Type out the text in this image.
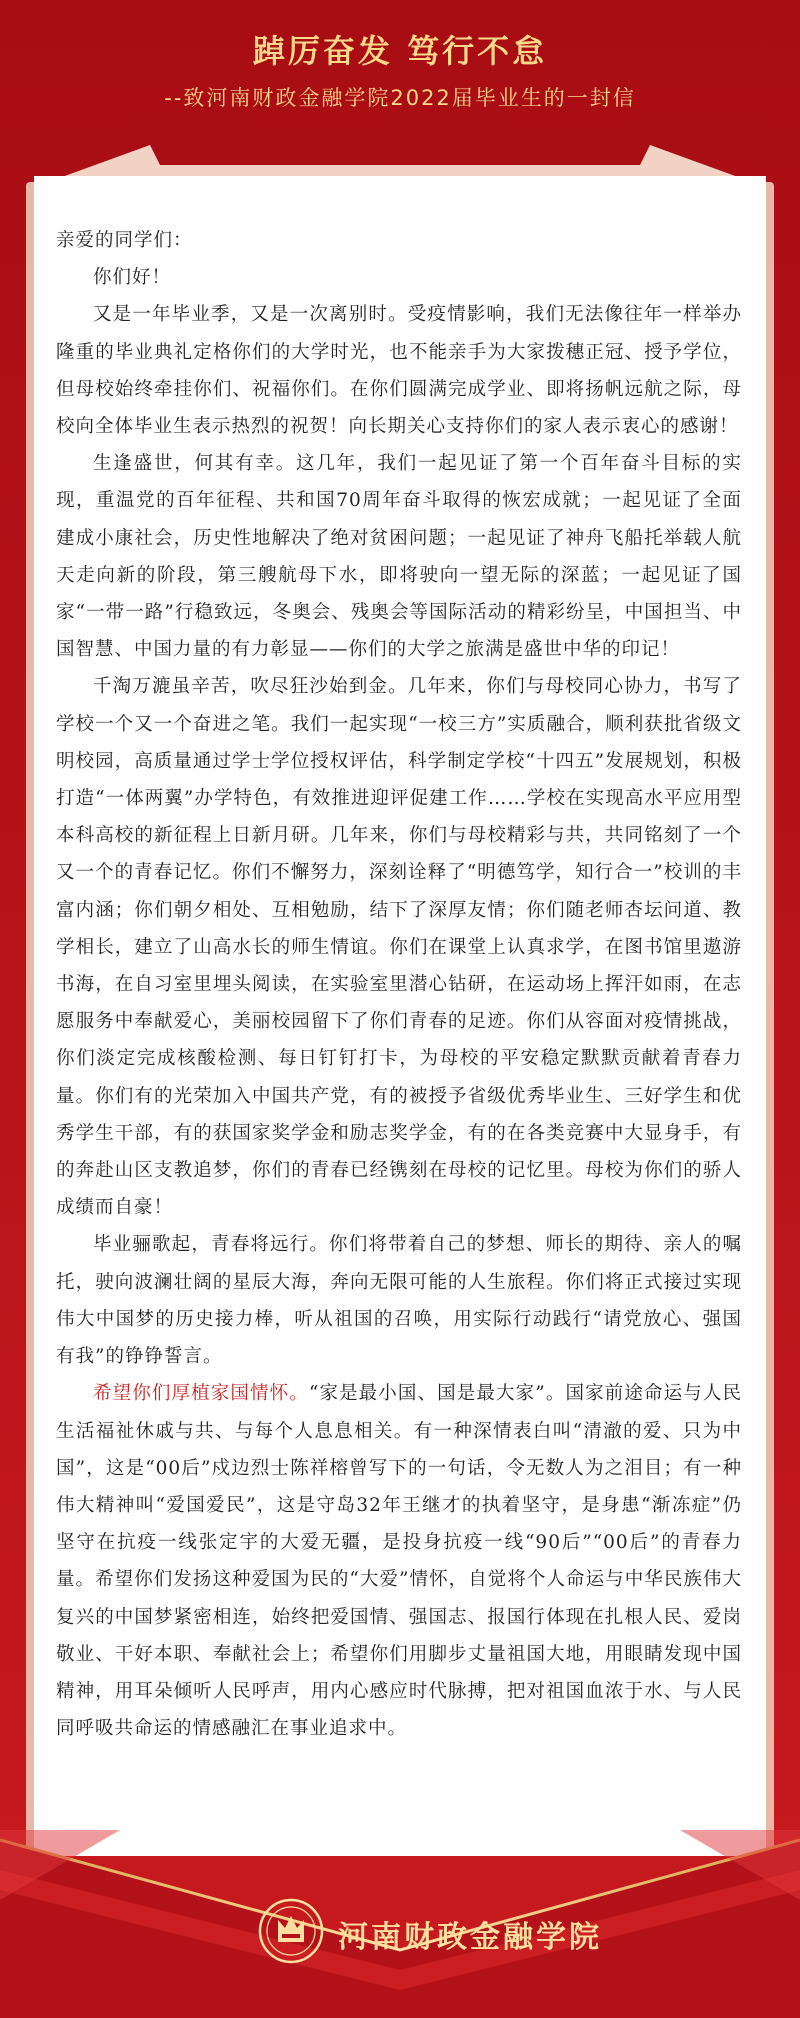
踔厉奋发 笃行不怠
--致河南财政金融学院2022届毕业生的一封信

亲爱的同学们：

你们好！

又是一年毕业季，又是一次离别时。受疫情影响，我们无法像往年一样举办隆重的毕业典礼定格你们的大学时光，也不能亲手为大家拨穗正冠、授予学位，但母校始终牵挂你们、祝福你们。在你们圆满完成学业、即将扬帆远航之际，母校向全体毕业生表示热烈的祝贺！向长期关心支持你们的家人表示衷心的感谢！

生逢盛世，何其有幸。这几年，我们一起见证了第一个百年奋斗目标的实现，重温党的百年征程、共和国70周年奋斗取得的恢宏成就；一起见证了全面建成小康社会，历史性地解决了绝对贫困问题；一起见证了神舟飞船托举载人航天走向新的阶段，第三艘航母下水，即将驶向一望无际的深蓝；一起见证了国家“一带一路”行稳致远，冬奥会、残奥会等国际活动的精彩纷呈，中国担当、中国智慧、中国力量的有力彰显——你们的大学之旅满是盛世中华的印记！

千淘万漉虽辛苦，吹尽狂沙始到金。几年来，你们与母校同心协力，书写了学校一个又一个奋进之笔。我们一起实现“一校三方”实质融合，顺利获批省级文明校园，高质量通过学士学位授权评估，科学制定学校“十四五”发展规划，积极打造“一体两翼”办学特色，有效推进迎评促建工作……学校在实现高水平应用型本科高校的新征程上日新月研。几年来，你们与母校精彩与共，共同铭刻了一个又一个的青春记忆。你们不懈努力，深刻诠释了“明德笃学，知行合一”校训的丰富内涵；你们朝夕相处、互相勉励，结下了深厚友情；你们随老师杏坛问道、教学相长，建立了山高水长的师生情谊。你们在课堂上认真求学，在图书馆里遨游书海，在自习室里埋头阅读，在实验室里潜心钻研，在运动场上挥汗如雨，在志愿服务中奉献爱心，美丽校园留下了你们青春的足迹。你们从容面对疫情挑战，你们淡定完成核酸检测、每日钉钉打卡，为母校的平安稳定默默贡献着青春力量。你们有的光荣加入中国共产党，有的被授予省级优秀毕业生、三好学生和优秀学生干部，有的获国家奖学金和励志奖学金，有的在各类竞赛中大显身手，有的奔赴山区支教追梦，你们的青春已经镌刻在母校的记忆里。母校为你们的骄人成绩而自豪！

毕业骊歌起，青春将远行。你们将带着自己的梦想、师长的期待、亲人的嘱托，驶向波澜壮阔的星辰大海，奔向无限可能的人生旅程。你们将正式接过实现伟大中国梦的历史接力棒，听从祖国的召唤，用实际行动践行“请党放心、强国有我”的铮铮誓言。

希望你们厚植家国情怀。“家是最小国、国是最大家”。国家前途命运与人民生活福祉休戚与共、与每个人息息相关。有一种深情表白叫“清澈的爱、只为中国”，这是“00后”戍边烈士陈祥榕曾写下的一句话，令无数人为之泪目；有一种伟大精神叫“爱国爱民”，这是守岛32年王继才的执着坚守，是身患“渐冻症”仍坚守在抗疫一线张定宇的大爱无疆，是投身抗疫一线“90后”“00后”的青春力量。希望你们发扬这种爱国为民的“大爱”情怀，自觉将个人命运与中华民族伟大复兴的中国梦紧密相连，始终把爱国情、强国志、报国行体现在扎根人民、爱岗敬业、干好本职、奉献社会上；希望你们用脚步丈量祖国大地，用眼睛发现中国精神，用耳朵倾听人民呼声，用内心感应时代脉搏，把对祖国血浓于水、与人民同呼吸共命运的情感融汇在事业追求中。

河南财政金融学院
